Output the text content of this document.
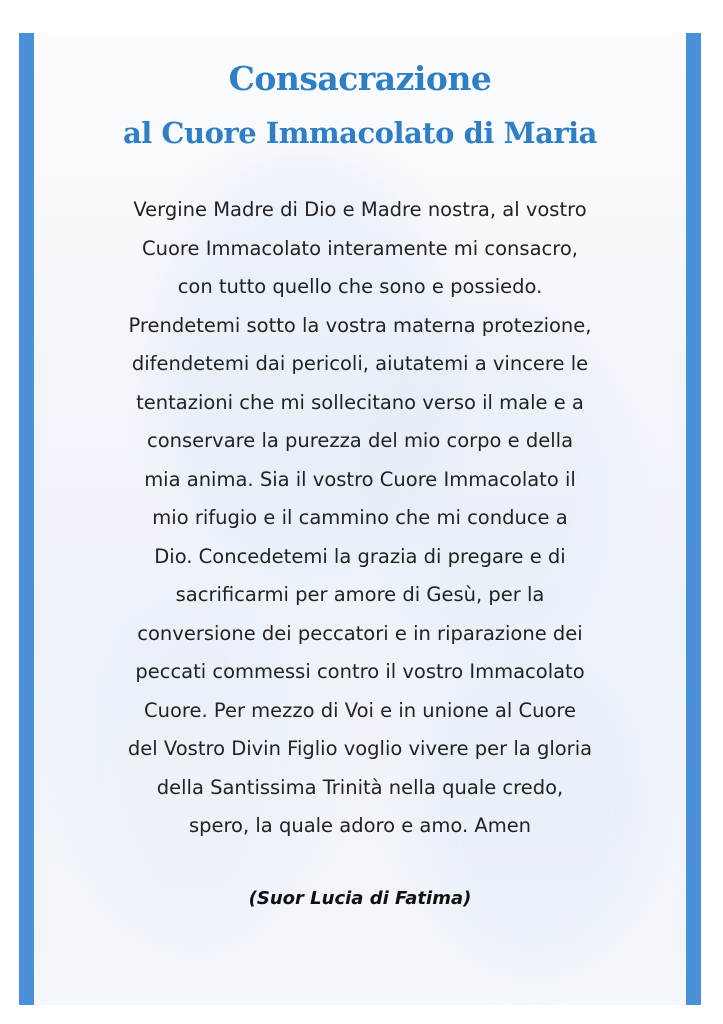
Consacrazione
al Cuore Immacolato di Maria
Vergine Madre di Dio e Madre nostra, al vostro
Cuore Immacolato interamente mi consacro,
con tutto quello che sono e possiedo.
Prendetemi sotto la vostra materna protezione,
difendetemi dai pericoli, aiutatemi a vincere le
tentazioni che mi sollecitano verso il male e a
conservare la purezza del mio corpo e della
mia anima. Sia il vostro Cuore Immacolato il
mio rifugio e il cammino che mi conduce a
Dio. Concedetemi la grazia di pregare e di
sacrificarmi per amore di Gesù, per la
conversione dei peccatori e in riparazione dei
peccati commessi contro il vostro Immacolato
Cuore. Per mezzo di Voi e in unione al Cuore
del Vostro Divin Figlio voglio vivere per la gloria
della Santissima Trinità nella quale credo,
spero, la quale adoro e amo. Amen

(Suor Lucia di Fatima)
